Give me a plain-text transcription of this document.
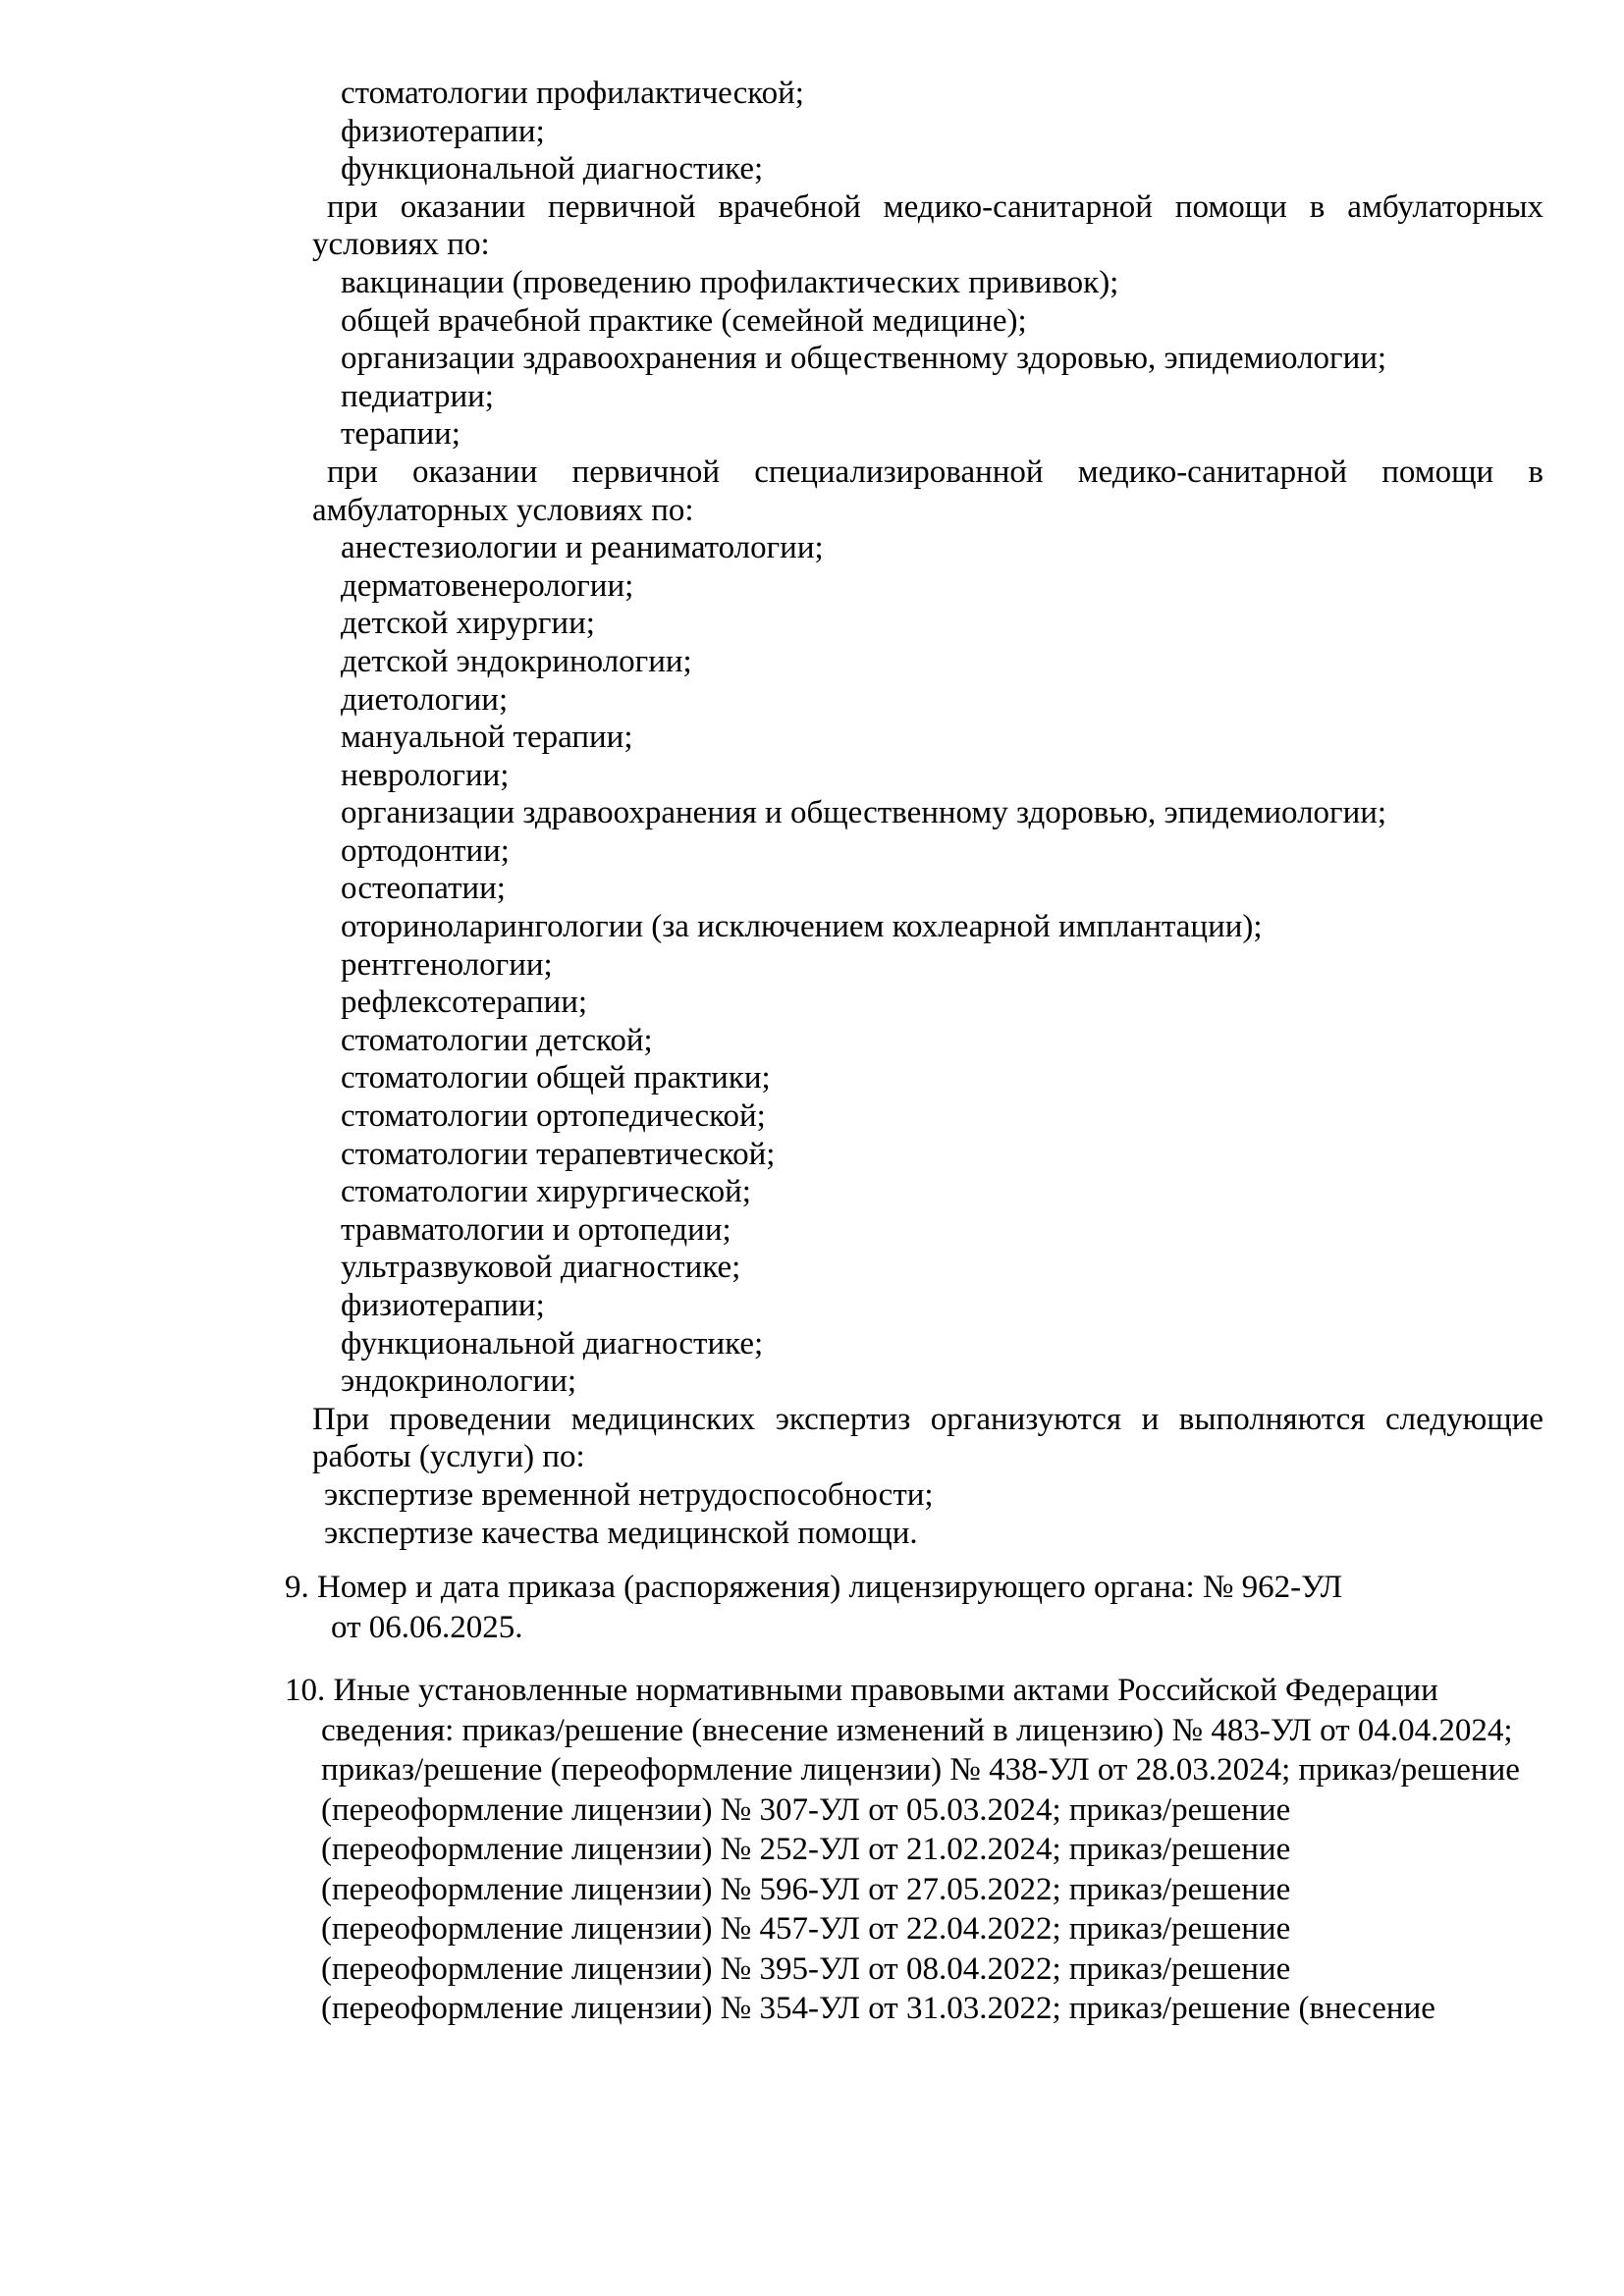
стоматологии профилактической;
физиотерапии;
функциональной диагностике;
при оказании первичной врачебной медико-санитарной помощи в амбулаторных
условиях по:
вакцинации (проведению профилактических прививок);
общей врачебной практике (семейной медицине);
организации здравоохранения и общественному здоровью, эпидемиологии;
педиатрии;
терапии;
при оказании первичной специализированной медико-санитарной помощи в
амбулаторных условиях по:
анестезиологии и реаниматологии;
дерматовенерологии;
детской хирургии;
детской эндокринологии;
диетологии;
мануальной терапии;
неврологии;
организации здравоохранения и общественному здоровью, эпидемиологии;
ортодонтии;
остеопатии;
оториноларингологии (за исключением кохлеарной имплантации);
рентгенологии;
рефлексотерапии;
стоматологии детской;
стоматологии общей практики;
стоматологии ортопедической;
стоматологии терапевтической;
стоматологии хирургической;
травматологии и ортопедии;
ультразвуковой диагностике;
физиотерапии;
функциональной диагностике;
эндокринологии;
При проведении медицинских экспертиз организуются и выполняются следующие
работы (услуги) по:
экспертизе временной нетрудоспособности;
экспертизе качества медицинской помощи.
9. Номер и дата приказа (распоряжения) лицензирующего органа: № 962-УЛ
от 06.06.2025.
10. Иные установленные нормативными правовыми актами Российской Федерации
сведения: приказ/решение (внесение изменений в лицензию) № 483-УЛ от 04.04.2024;
приказ/решение (переоформление лицензии) № 438-УЛ от 28.03.2024; приказ/решение
(переоформление лицензии) № 307-УЛ от 05.03.2024; приказ/решение
(переоформление лицензии) № 252-УЛ от 21.02.2024; приказ/решение
(переоформление лицензии) № 596-УЛ от 27.05.2022; приказ/решение
(переоформление лицензии) № 457-УЛ от 22.04.2022; приказ/решение
(переоформление лицензии) № 395-УЛ от 08.04.2022; приказ/решение
(переоформление лицензии) № 354-УЛ от 31.03.2022; приказ/решение (внесение
